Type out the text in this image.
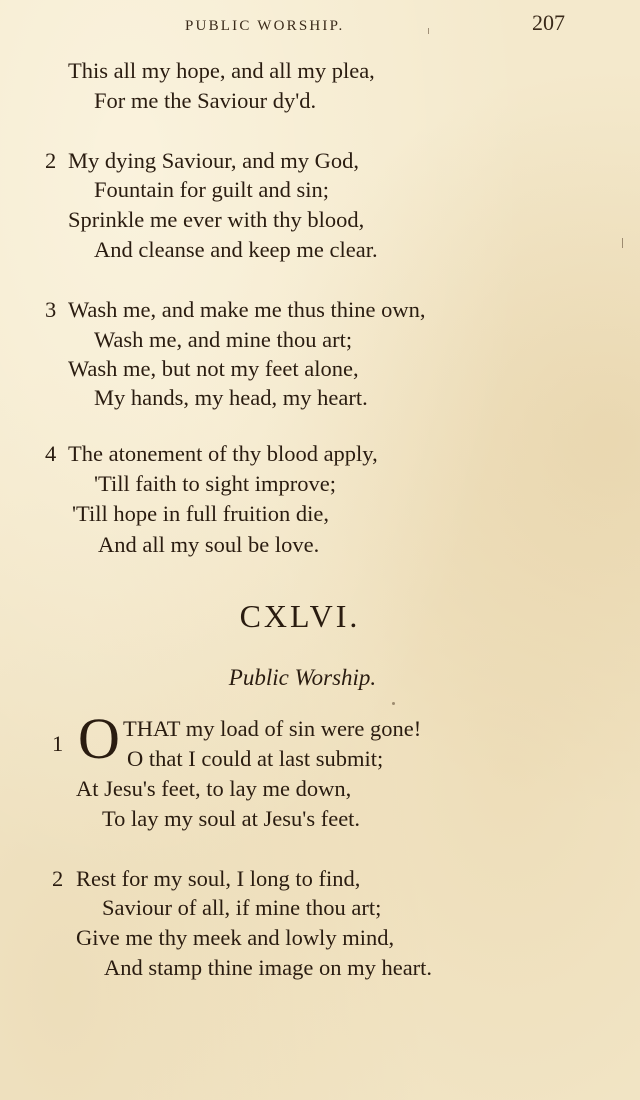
PUBLIC WORSHIP.	207
This all my hope, and all my plea,
For me the Saviour dy'd.
2 My dying Saviour, and my God,
Fountain for guilt and sin;
Sprinkle me ever with thy blood,
And cleanse and keep me clear.
3 Wash me, and make me thus thine own,
Wash me, and mine thou art;
Wash me, but not my feet alone,
My hands, my head, my heart.
4 The atonement of thy blood apply,
'Till faith to sight improve;
'Till hope in full fruition die,
And all my soul be love.
CXLVI.
Public Worship.
1 O THAT my load of sin were gone!
O that I could at last submit;
At Jesu's feet, to lay me down,
To lay my soul at Jesu's feet.
2 Rest for my soul, I long to find,
Saviour of all, if mine thou art;
Give me thy meek and lowly mind,
And stamp thine image on my heart.
